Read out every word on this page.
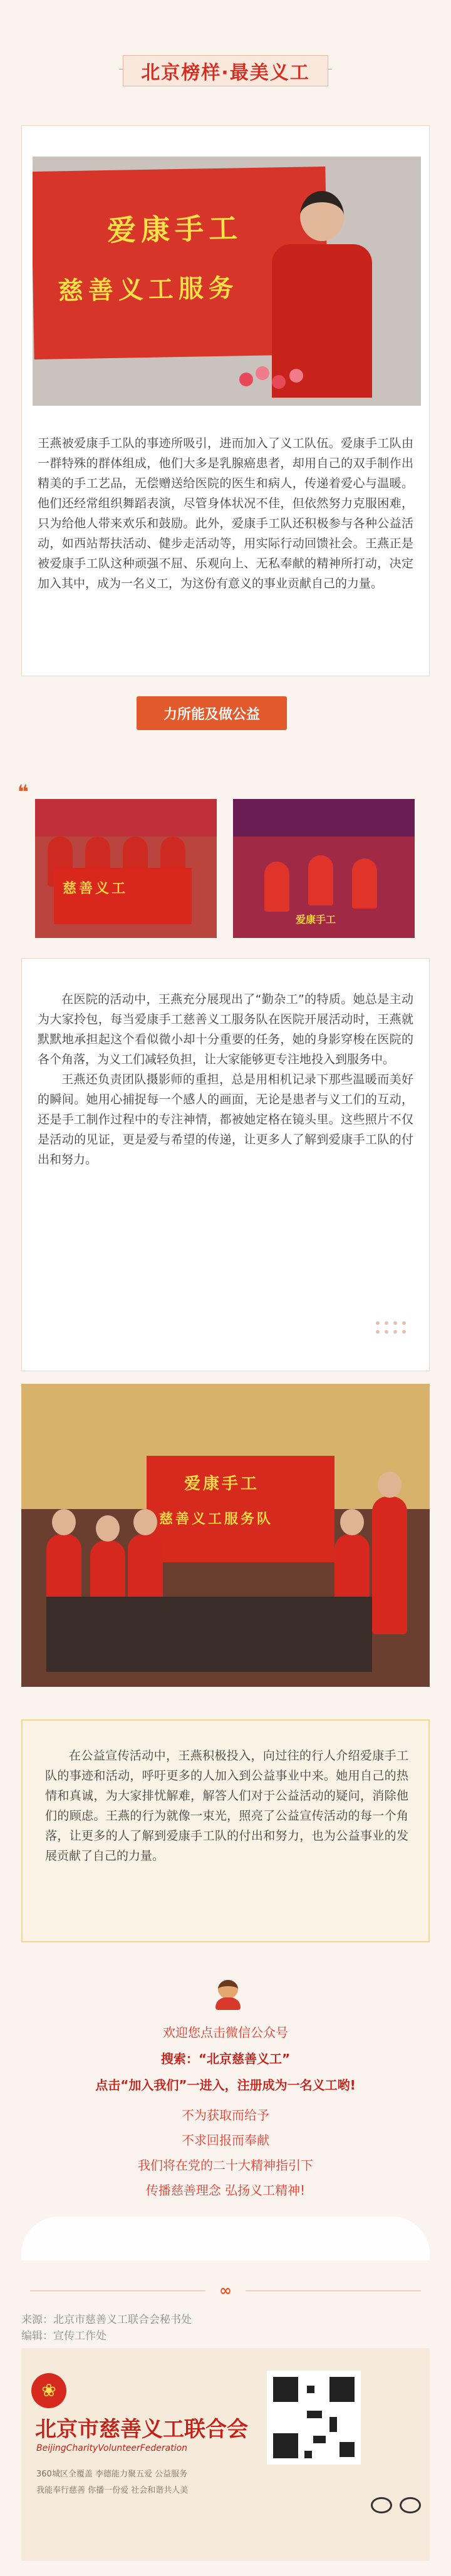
北京榜样·最美义工
爱康手工
慈善义工服务
王燕被爱康手工队的事迹所吸引，进而加入了义工队伍。爱康手工队由一群特殊的群体组成，他们大多是乳腺癌患者，却用自己的双手制作出精美的手工艺品，无偿赠送给医院的医生和病人，传递着爱心与温暖。他们还经常组织舞蹈表演，尽管身体状况不佳，但依然努力克服困难，只为给他人带来欢乐和鼓励。此外，爱康手工队还积极参与各种公益活动，如西站帮扶活动、健步走活动等，用实际行动回馈社会。王燕正是被爱康手工队这种顽强不屈、乐观向上、无私奉献的精神所打动，决定加入其中，成为一名义工，为这份有意义的事业贡献自己的力量。
力所能及做公益
❝
慈善义工
爱康手工

在医院的活动中，王燕充分展现出了“勤杂工”的特质。她总是主动为大家拎包，每当爱康手工慈善义工服务队在医院开展活动时，王燕就默默地承担起这个看似微小却十分重要的任务，她的身影穿梭在医院的各个角落，为义工们减轻负担，让大家能够更专注地投入到服务中。

王燕还负责团队摄影师的重担，总是用相机记录下那些温暖而美好的瞬间。她用心捕捉每一个感人的画面，无论是患者与义工们的互动，还是手工制作过程中的专注神情，都被她定格在镜头里。这些照片不仅是活动的见证，更是爱与希望的传递，让更多人了解到爱康手工队的付出和努力。

爱康手工
慈善义工服务队
在公益宣传活动中，王燕积极投入，向过往的行人介绍爱康手工队的事迹和活动，呼吁更多的人加入到公益事业中来。她用自己的热情和真诚，为大家排忧解难，解答人们对于公益活动的疑问，消除他们的顾虑。王燕的行为就像一束光，照亮了公益宣传活动的每一个角落，让更多的人了解到爱康手工队的付出和努力，也为公益事业的发展贡献了自己的力量。
欢迎您点击微信公众号
搜索：“北京慈善义工”
点击“加入我们”一进入，注册成为一名义工哟!
不为获取而给予
不求回报而奉献
我们将在党的二十大精神指引下
传播慈善理念 弘扬义工精神!
∞
来源：北京市慈善义工联合会秘书处
编辑：宣传工作处
❀
北京市慈善义工联合会
BeijingCharityVolunteerFederation
360城区全覆盖 李德能力聚五爱 公益服务
我能奉行慈善 你播一份爱 社会和谐共人美
